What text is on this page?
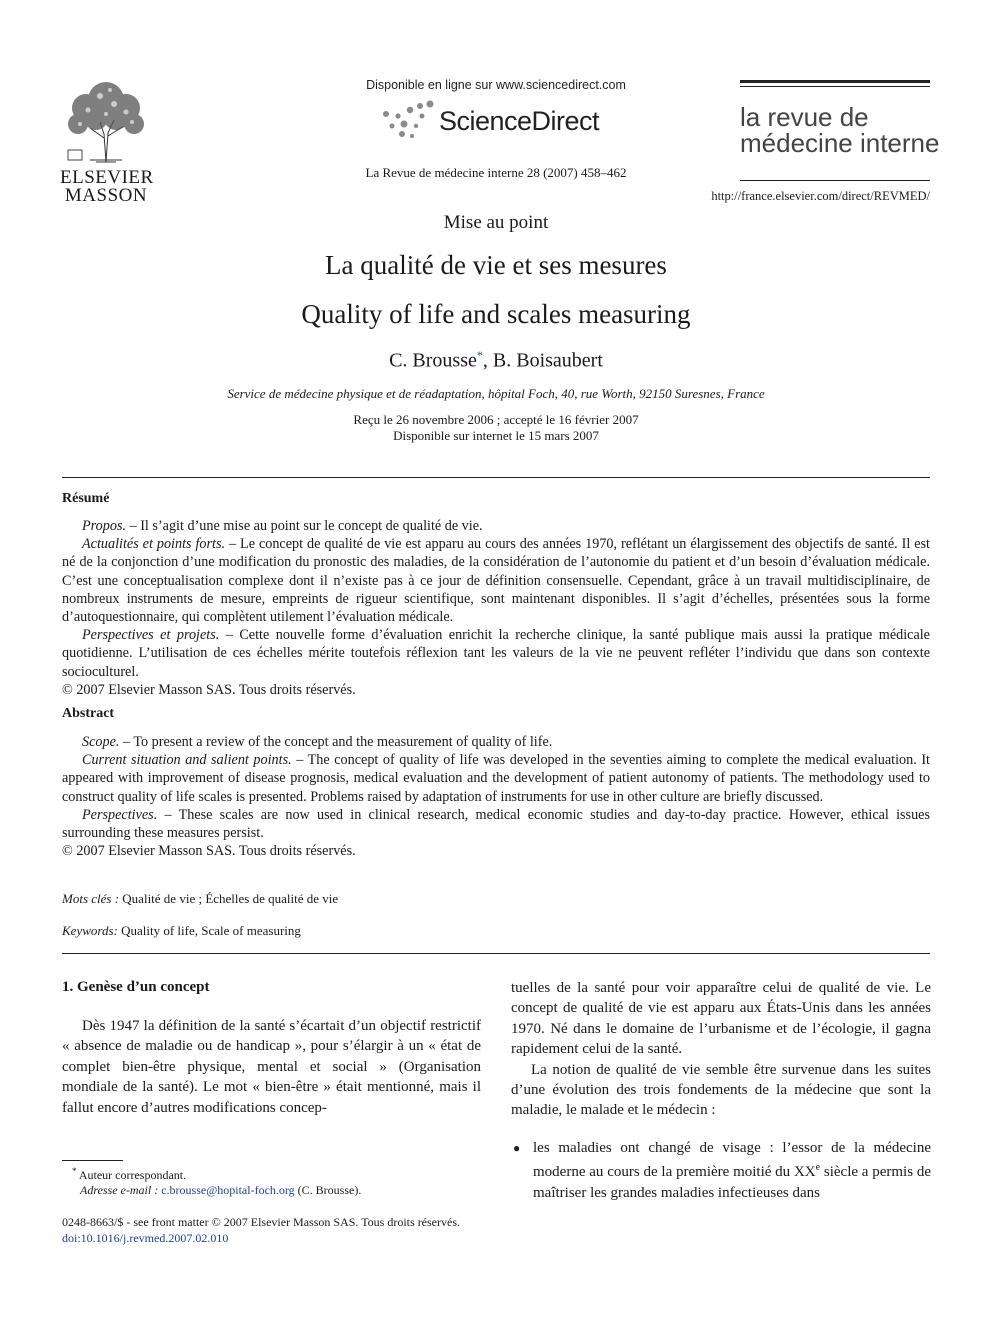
ELSEVIER
MASSON
Disponible en ligne sur www.sciencedirect.com
ScienceDirect
La Revue de médecine interne 28 (2007) 458–462
la revue de
médecine interne
http://france.elsevier.com/direct/REVMED/
Mise au point
La qualité de vie et ses mesures
Quality of life and scales measuring
C. Brousse*, B. Boisaubert
Service de médecine physique et de réadaptation, hôpital Foch, 40, rue Worth, 92150 Suresnes, France
Reçu le 26 novembre 2006 ; accepté le 16 février 2007
Disponible sur internet le 15 mars 2007
Résumé

Propos. – Il s’agit d’une mise au point sur le concept de qualité de vie.

Actualités et points forts. – Le concept de qualité de vie est apparu au cours des années 1970, reflétant un élargissement des objectifs de santé. Il est né de la conjonction d’une modification du pronostic des maladies, de la considération de l’autonomie du patient et d’un besoin d’évaluation médicale. C’est une conceptualisation complexe dont il n’existe pas à ce jour de définition consensuelle. Cependant, grâce à un travail multidisciplinaire, de nombreux instruments de mesure, empreints de rigueur scientifique, sont maintenant disponibles. Il s’agit d’échelles, présentées sous la forme d’autoquestionnaire, qui complètent utilement l’évaluation médicale.

Perspectives et projets. – Cette nouvelle forme d’évaluation enrichit la recherche clinique, la santé publique mais aussi la pratique médicale quotidienne. L’utilisation de ces échelles mérite toutefois réflexion tant les valeurs de la vie ne peuvent refléter l’individu que dans son contexte socioculturel.

© 2007 Elsevier Masson SAS. Tous droits réservés.

Abstract

Scope. – To present a review of the concept and the measurement of quality of life.

Current situation and salient points. – The concept of quality of life was developed in the seventies aiming to complete the medical evaluation. It appeared with improvement of disease prognosis, medical evaluation and the development of patient autonomy of patients. The methodology used to construct quality of life scales is presented. Problems raised by adaptation of instruments for use in other culture are briefly discussed.

Perspectives. – These scales are now used in clinical research, medical economic studies and day-to-day practice. However, ethical issues surrounding these measures persist.

© 2007 Elsevier Masson SAS. Tous droits réservés.

Mots clés : Qualité de vie ; Échelles de qualité de vie
Keywords: Quality of life, Scale of measuring
1. Genèse d’un concept

Dès 1947 la définition de la santé s’écartait d’un objectif restrictif « absence de maladie ou de handicap », pour s’élargir à un « état de complet bien-être physique, mental et social » (Organisation mondiale de la santé). Le mot « bien-être » était mentionné, mais il fallut encore d’autres modifications concep-

tuelles de la santé pour voir apparaître celui de qualité de vie. Le concept de qualité de vie est apparu aux États-Unis dans les années 1970. Né dans le domaine de l’urbanisme et de l’écologie, il gagna rapidement celui de la santé.

La notion de qualité de vie semble être survenue dans les suites d’une évolution des trois fondements de la médecine que sont la maladie, le malade et le médecin :

● les maladies ont changé de visage : l’essor de la médecine moderne au cours de la première moitié du XXe siècle a permis de maîtriser les grandes maladies infectieuses dans
* Auteur correspondant.
Adresse e-mail : c.brousse@hopital-foch.org (C. Brousse).
0248-8663/$ - see front matter © 2007 Elsevier Masson SAS. Tous droits réservés.
doi:10.1016/j.revmed.2007.02.010
